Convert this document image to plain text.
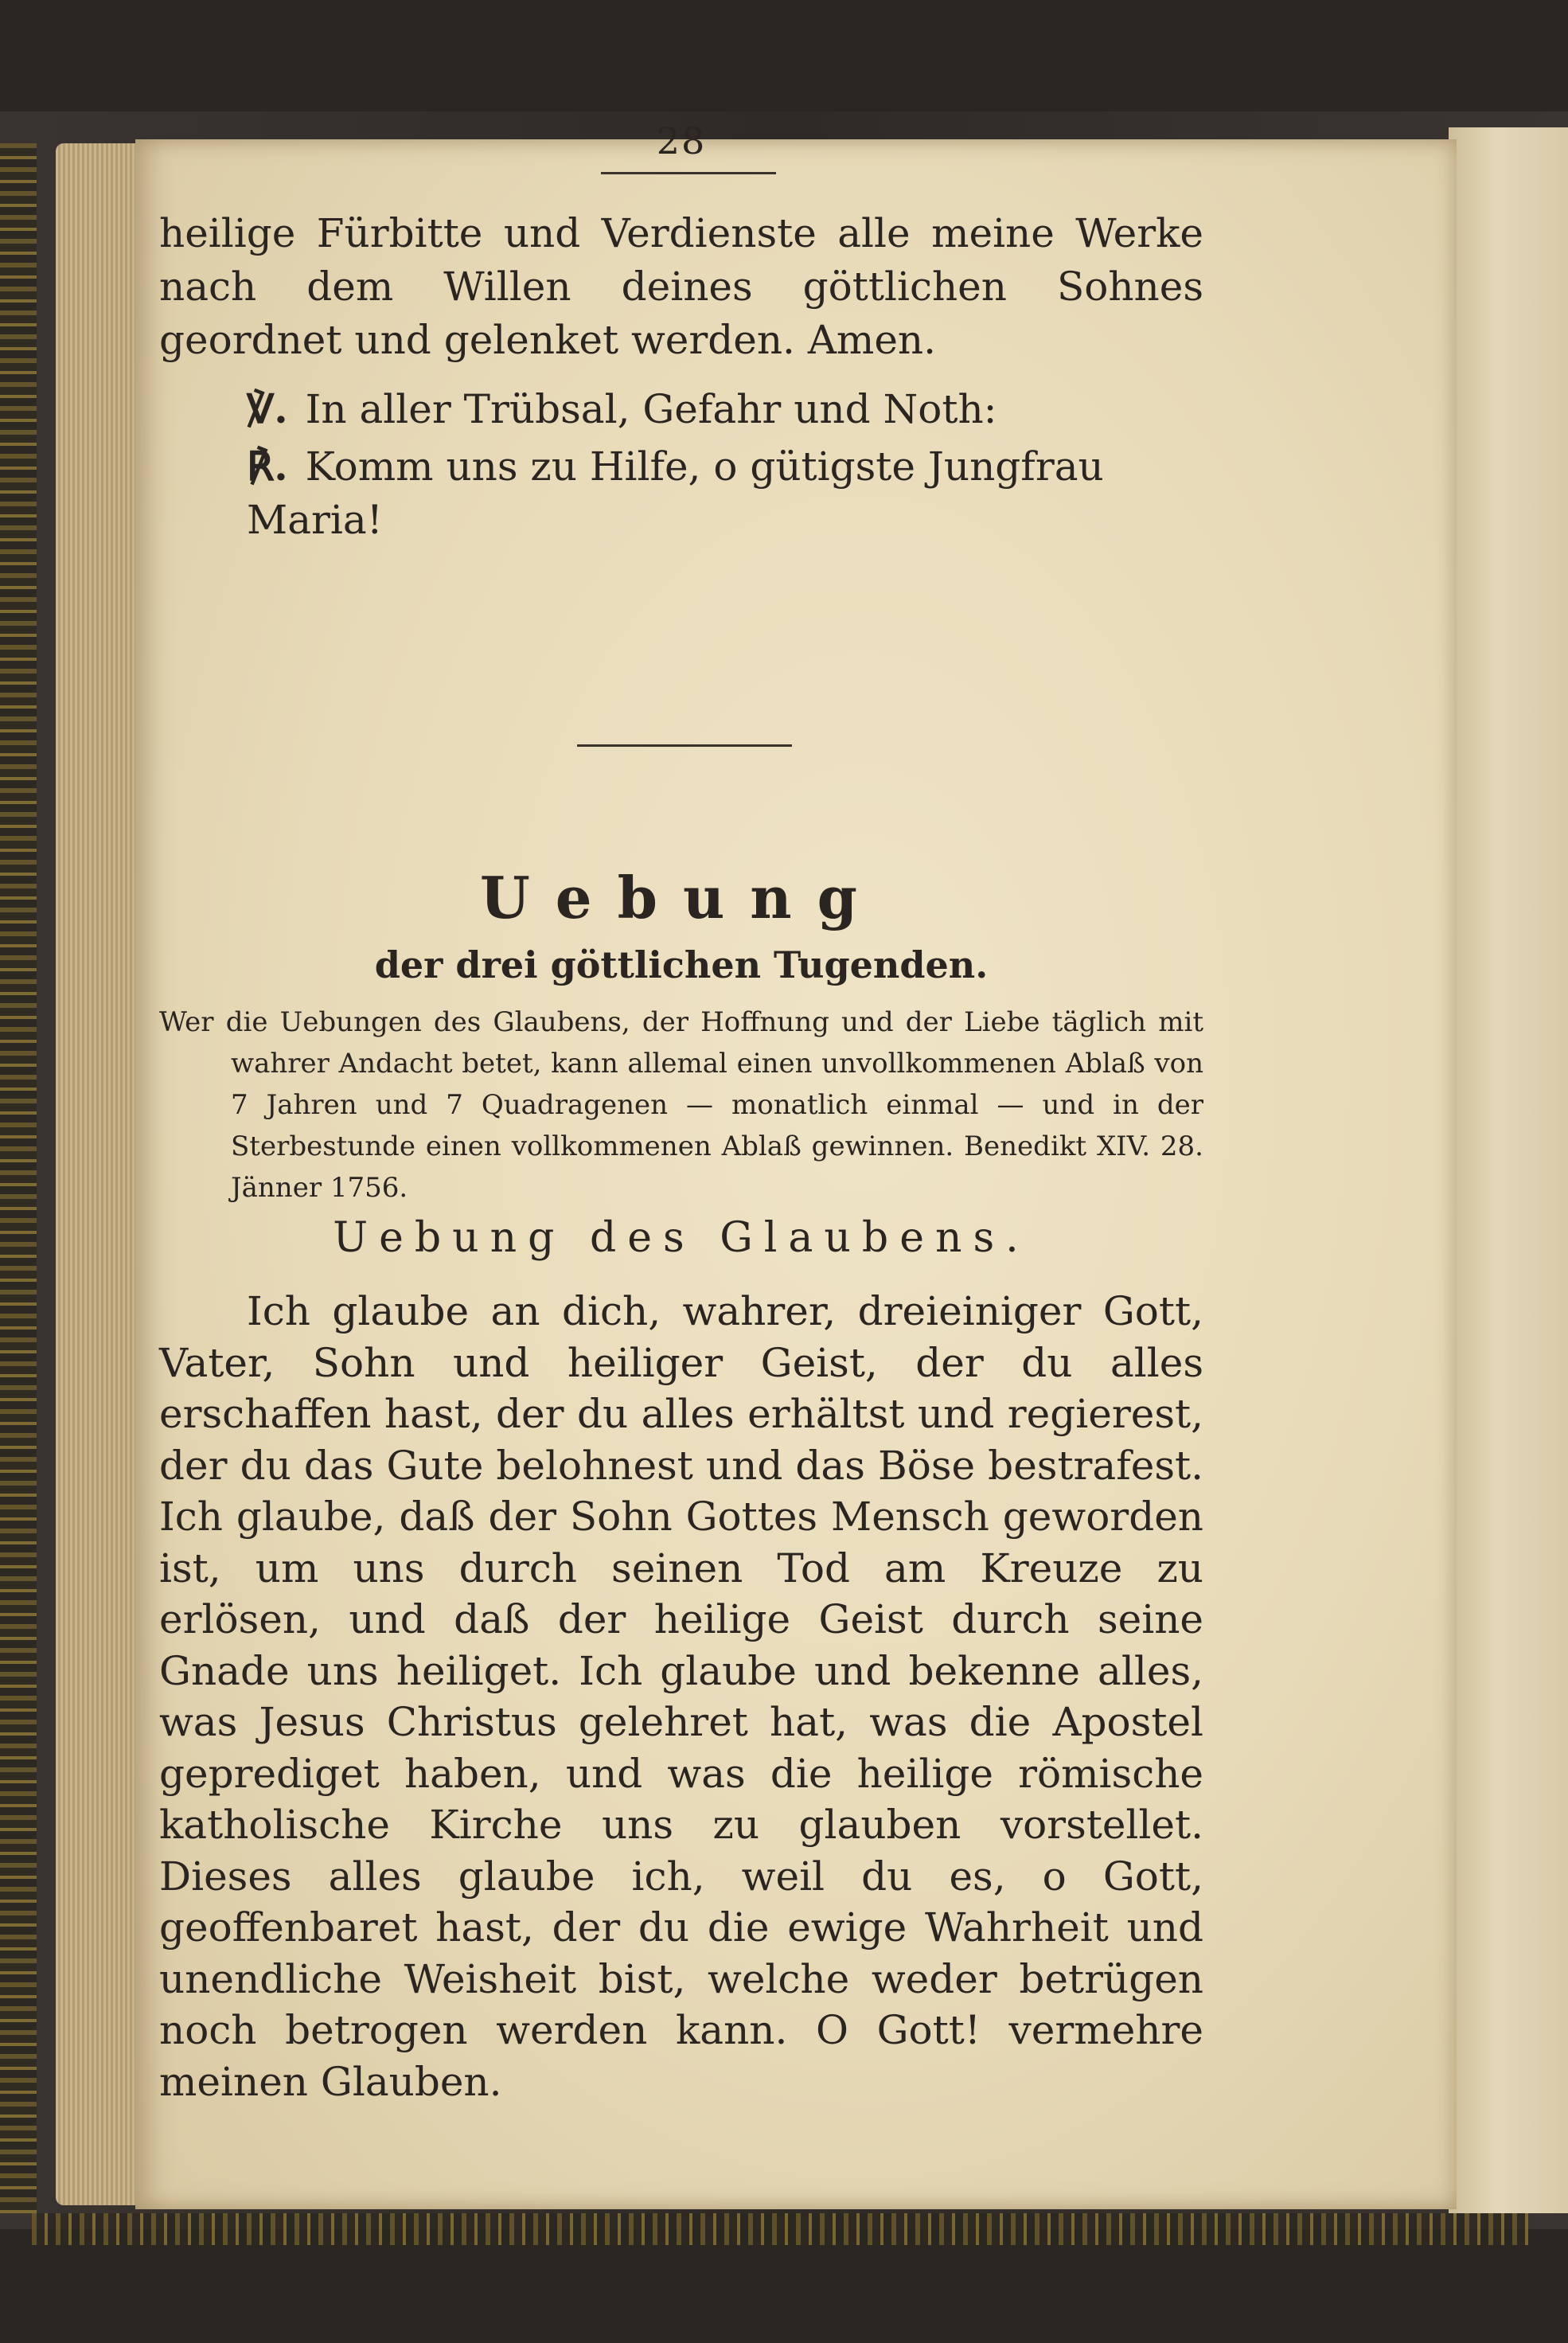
28

heilige Fürbitte und Verdienste alle meine Werke nach dem Willen deines göttlichen Sohnes geordnet und gelenket werden. Amen.

℣. In aller Trübsal, Gefahr und Noth:

℟. Komm uns zu Hilfe, o gütigste Jungfrau Maria!

Uebung
der drei göttlichen Tugenden.

Wer die Uebungen des Glaubens, der Hoffnung und der Liebe täglich mit wahrer Andacht betet, kann allemal einen unvollkommenen Ablaß von 7 Jahren und 7 Quadragenen — monatlich einmal — und in der Sterbestunde einen vollkommenen Ablaß gewinnen. Benedikt XIV. 28. Jänner 1756.

Uebung des Glaubens.

Ich glaube an dich, wahrer, dreieiniger Gott, Vater, Sohn und heiliger Geist, der du alles erschaffen hast, der du alles erhältst und regierest, der du das Gute belohnest und das Böse bestrafest. Ich glaube, daß der Sohn Gottes Mensch geworden ist, um uns durch seinen Tod am Kreuze zu erlösen, und daß der heilige Geist durch seine Gnade uns heiliget. Ich glaube und bekenne alles, was Jesus Christus gelehret hat, was die Apostel geprediget haben, und was die heilige römische katholische Kirche uns zu glauben vorstellet. Dieses alles glaube ich, weil du es, o Gott, geoffenbaret hast, der du die ewige Wahrheit und unendliche Weisheit bist, welche weder betrügen noch betrogen werden kann. O Gott! vermehre meinen Glauben.
